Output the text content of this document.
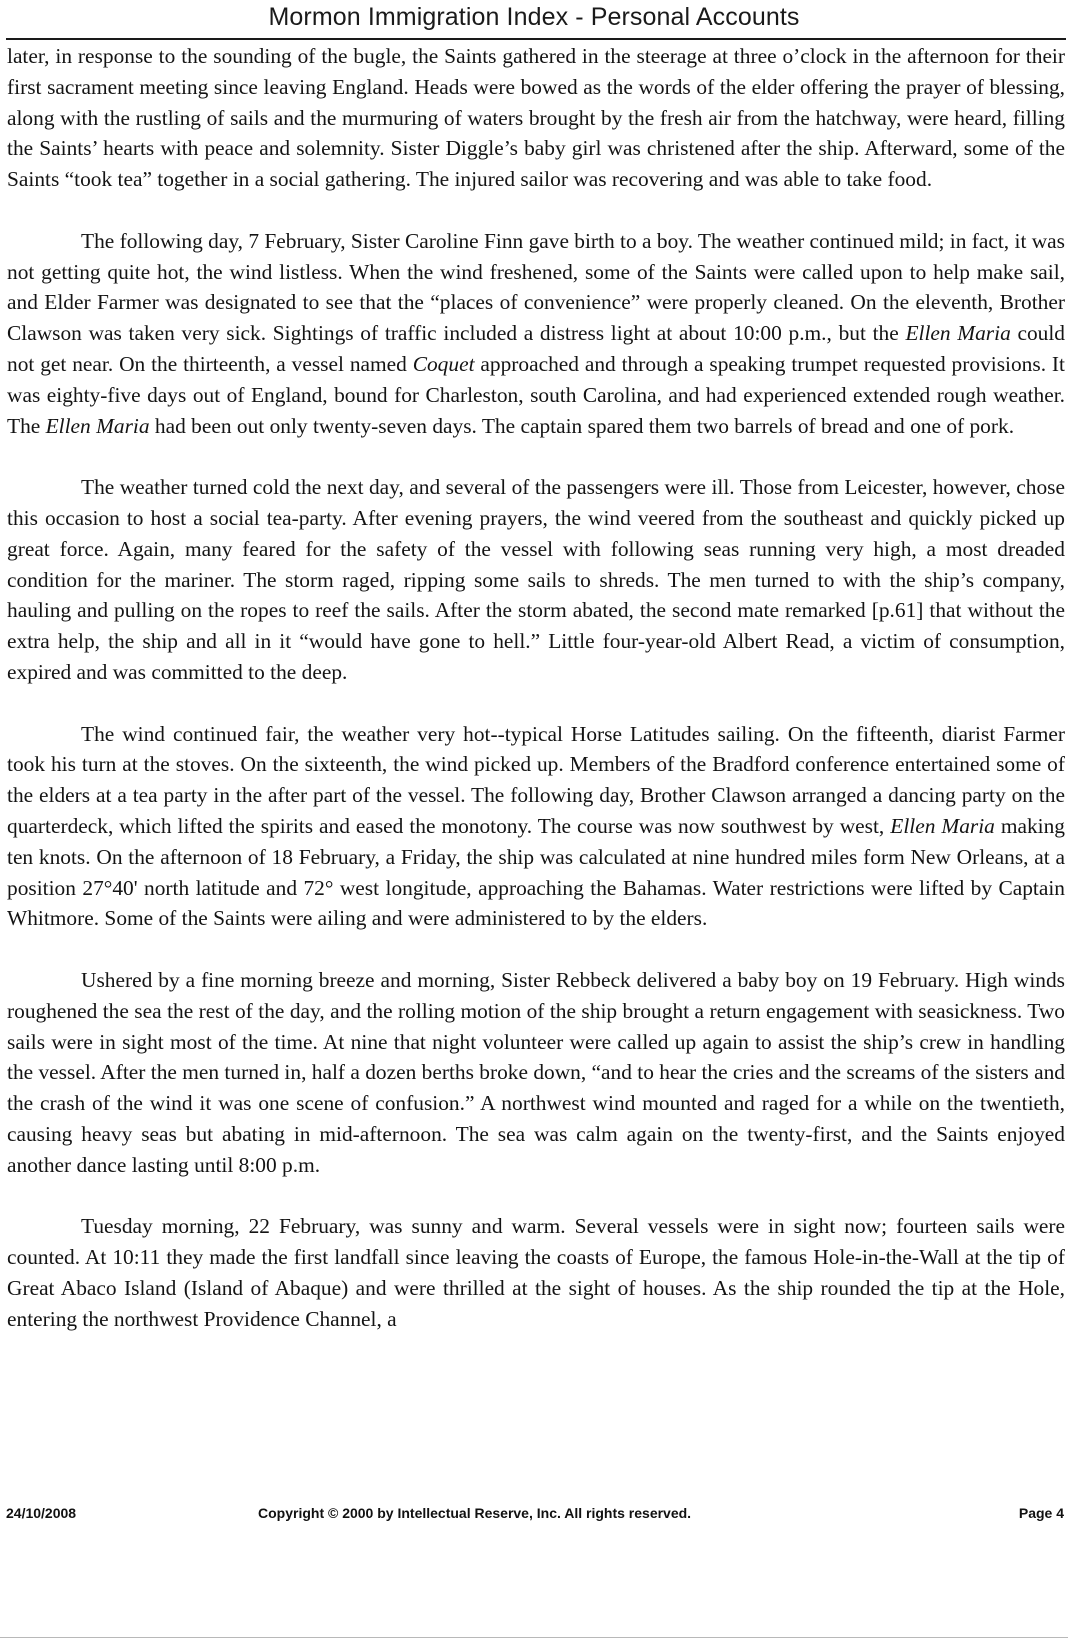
Mormon Immigration Index - Personal Accounts

later, in response to the sounding of the bugle, the Saints gathered in the steerage at three o’clock in the afternoon for their first sacrament meeting since leaving England. Heads were bowed as the words of the elder offering the prayer of blessing, along with the rustling of sails and the murmuring of waters brought by the fresh air from the hatchway, were heard, filling the Saints’ hearts with peace and solemnity. Sister Diggle’s baby girl was christened after the ship. Afterward, some of the Saints “took tea” together in a social gathering. The injured sailor was recovering and was able to take food.

The following day, 7 February, Sister Caroline Finn gave birth to a boy. The weather continued mild; in fact, it was not getting quite hot, the wind listless. When the wind freshened, some of the Saints were called upon to help make sail, and Elder Farmer was designated to see that the “places of convenience” were properly cleaned. On the eleventh, Brother Clawson was taken very sick. Sightings of traffic included a distress light at about 10:00 p.m., but the Ellen Maria could not get near. On the thirteenth, a vessel named Coquet approached and through a speaking trumpet requested provisions. It was eighty-five days out of England, bound for Charleston, south Carolina, and had experienced extended rough weather. The Ellen Maria had been out only twenty-seven days. The captain spared them two barrels of bread and one of pork.

The weather turned cold the next day, and several of the passengers were ill. Those from Leicester, however, chose this occasion to host a social tea-party. After evening prayers, the wind veered from the southeast and quickly picked up great force. Again, many feared for the safety of the vessel with following seas running very high, a most dreaded condition for the mariner. The storm raged, ripping some sails to shreds. The men turned to with the ship’s company, hauling and pulling on the ropes to reef the sails. After the storm abated, the second mate remarked [p.61] that without the extra help, the ship and all in it “would have gone to hell.” Little four-year-old Albert Read, a victim of consumption, expired and was committed to the deep.

The wind continued fair, the weather very hot--typical Horse Latitudes sailing. On the fifteenth, diarist Farmer took his turn at the stoves. On the sixteenth, the wind picked up. Members of the Bradford conference entertained some of the elders at a tea party in the after part of the vessel. The following day, Brother Clawson arranged a dancing party on the quarterdeck, which lifted the spirits and eased the monotony. The course was now southwest by west, Ellen Maria making ten knots. On the afternoon of 18 February, a Friday, the ship was calculated at nine hundred miles form New Orleans, at a position 27°40' north latitude and 72° west longitude, approaching the Bahamas. Water restrictions were lifted by Captain Whitmore. Some of the Saints were ailing and were administered to by the elders.

Ushered by a fine morning breeze and morning, Sister Rebbeck delivered a baby boy on 19 February. High winds roughened the sea the rest of the day, and the rolling motion of the ship brought a return engagement with seasickness. Two sails were in sight most of the time. At nine that night volunteer were called up again to assist the ship’s crew in handling the vessel. After the men turned in, half a dozen berths broke down, “and to hear the cries and the screams of the sisters and the crash of the wind it was one scene of confusion.” A northwest wind mounted and raged for a while on the twentieth, causing heavy seas but abating in mid-afternoon. The sea was calm again on the twenty-first, and the Saints enjoyed another dance lasting until 8:00 p.m.

Tuesday morning, 22 February, was sunny and warm. Several vessels were in sight now; fourteen sails were counted. At 10:11 they made the first landfall since leaving the coasts of Europe, the famous Hole-in-the-Wall at the tip of Great Abaco Island (Island of Abaque) and were thrilled at the sight of houses. As the ship rounded the tip at the Hole, entering the northwest Providence Channel, a

24/10/2008	Copyright © 2000 by Intellectual Reserve, Inc. All rights reserved.	Page 4
